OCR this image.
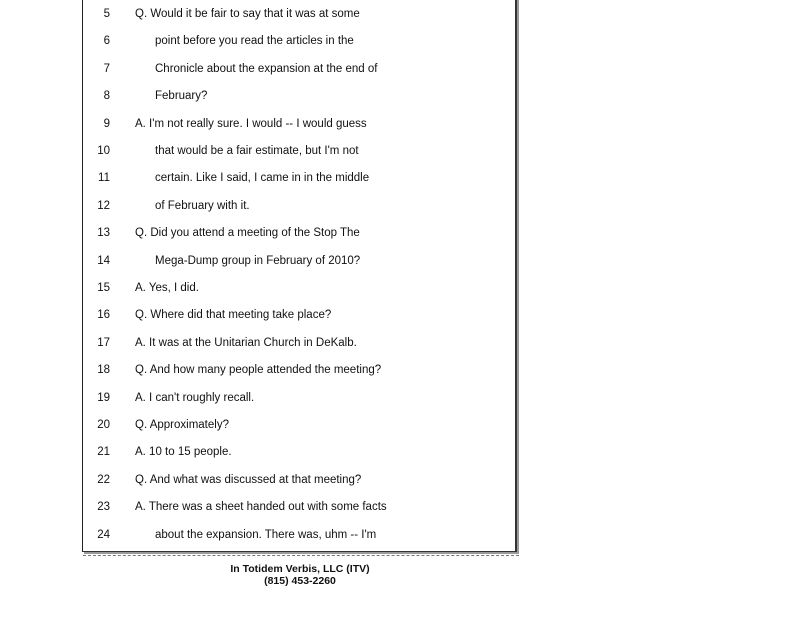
5 Q. Would it be fair to say that it was at some
6	point before you read the articles in the
7	Chronicle about the expansion at the end of
8	February?
9 A. I'm not really sure. I would -- I would guess
10	that would be a fair estimate, but I'm not
11	certain. Like I said, I came in in the middle
12	of February with it.
13 Q. Did you attend a meeting of the Stop The
14	Mega-Dump group in February of 2010?
15 A. Yes, I did.
16 Q. Where did that meeting take place?
17 A. It was at the Unitarian Church in DeKalb.
18 Q. And how many people attended the meeting?
19 A. I can't roughly recall.
20 Q. Approximately?
21 A. 10 to 15 people.
22 Q. And what was discussed at that meeting?
23 A. There was a sheet handed out with some facts
24	about the expansion. There was, uhm -- I'm
In Totidem Verbis, LLC (ITV)
(815) 453-2260
